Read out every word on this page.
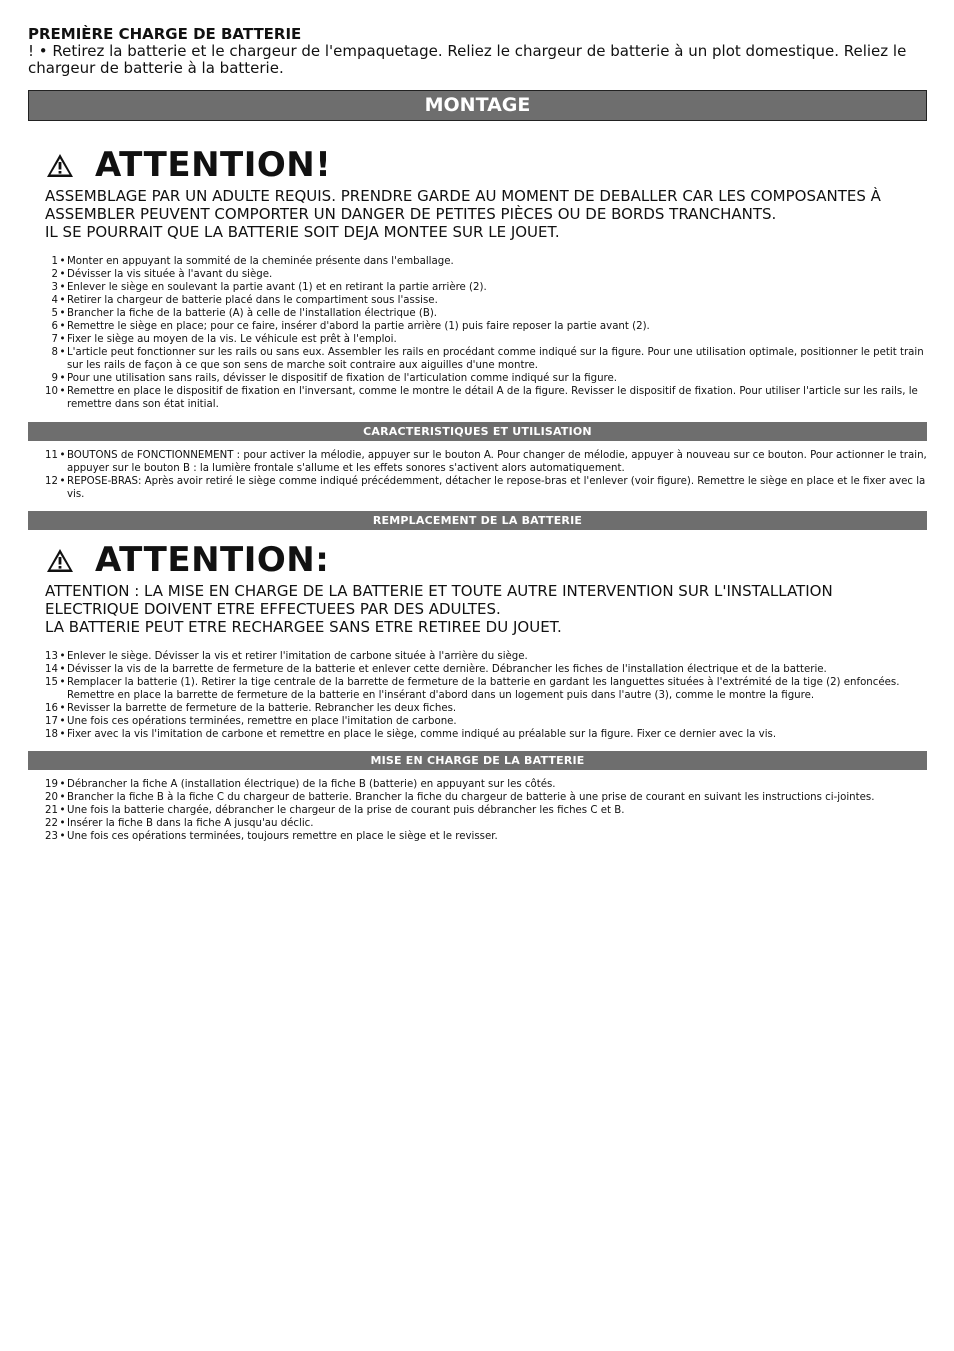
PREMIÈRE CHARGE DE BATTERIE

! • Retirez la batterie et le chargeur de l'empaquetage. Reliez le chargeur de batterie à un plot domestique. Reliez le chargeur de batterie à la batterie.

MONTAGE
ATTENTION!

ASSEMBLAGE PAR UN ADULTE REQUIS. PRENDRE GARDE AU MOMENT DE DEBALLER CAR LES COMPOSANTES À ASSEMBLER PEUVENT COMPORTER UN DANGER DE PETITES PIÈCES OU DE BORDS TRANCHANTS.

IL SE POURRAIT QUE LA BATTERIE SOIT DEJA MONTEE SUR LE JOUET.

1 • Monter en appuyant la sommité de la cheminée présente dans l'emballage.
2 • Dévisser la vis située à l'avant du siège.
3 • Enlever le siège en soulevant la partie avant (1) et en retirant la partie arrière (2).
4 • Retirer la chargeur de batterie placé dans le compartiment sous l'assise.
5 • Brancher la fiche de la batterie (A) à celle de l'installation électrique (B).
6 • Remettre le siège en place; pour ce faire, insérer d'abord la partie arrière (1) puis faire reposer la partie avant (2).
7 • Fixer le siège au moyen de la vis. Le véhicule est prêt à l'emploi.
8 • L'article peut fonctionner sur les rails ou sans eux. Assembler les rails en procédant comme indiqué sur la figure. Pour une utilisation optimale, positionner le petit train sur les rails de façon à ce que son sens de marche soit contraire aux aiguilles d'une montre.
9 • Pour une utilisation sans rails, dévisser le dispositif de fixation de l'articulation comme indiqué sur la figure.
10 • Remettre en place le dispositif de fixation en l'inversant, comme le montre le détail A de la figure. Revisser le dispositif de fixation. Pour utiliser l'article sur les rails, le remettre dans son état initial.
CARACTERISTIQUES ET UTILISATION
11 • BOUTONS de FONCTIONNEMENT : pour activer la mélodie, appuyer sur le bouton A. Pour changer de mélodie, appuyer à nouveau sur ce bouton. Pour actionner le train, appuyer sur le bouton B : la lumière frontale s'allume et les effets sonores s'activent alors automatiquement.
12 • REPOSE-BRAS: Après avoir retiré le siège comme indiqué précédemment, détacher le repose-bras et l'enlever (voir figure). Remettre le siège en place et le fixer avec la vis.
REMPLACEMENT DE LA BATTERIE
ATTENTION:

ATTENTION : LA MISE EN CHARGE DE LA BATTERIE ET TOUTE AUTRE INTERVENTION SUR L'INSTALLATION ELECTRIQUE DOIVENT ETRE EFFECTUEES PAR DES ADULTES.

LA BATTERIE PEUT ETRE RECHARGEE SANS ETRE RETIREE DU JOUET.

13 • Enlever le siège. Dévisser la vis et retirer l'imitation de carbone située à l'arrière du siège.
14 • Dévisser la vis de la barrette de fermeture de la batterie et enlever cette dernière. Débrancher les fiches de l'installation électrique et de la batterie.
15 • Remplacer la batterie (1). Retirer la tige centrale de la barrette de fermeture de la batterie en gardant les languettes situées à l'extrémité de la tige (2) enfoncées. Remettre en place la barrette de fermeture de la batterie en l'insérant d'abord dans un logement puis dans l'autre (3), comme le montre la figure.
16 • Revisser la barrette de fermeture de la batterie. Rebrancher les deux fiches.
17 • Une fois ces opérations terminées, remettre en place l'imitation de carbone.
18 • Fixer avec la vis l'imitation de carbone et remettre en place le siège, comme indiqué au préalable sur la figure. Fixer ce dernier avec la vis.
MISE EN CHARGE DE LA BATTERIE
19 • Débrancher la fiche A (installation électrique) de la fiche B (batterie) en appuyant sur les côtés.
20 • Brancher la fiche B à la fiche C du chargeur de batterie. Brancher la fiche du chargeur de batterie à une prise de courant en suivant les instructions ci-jointes.
21 • Une fois la batterie chargée, débrancher le chargeur de la prise de courant puis débrancher les fiches C et B.
22 • Insérer la fiche B dans la fiche A jusqu'au déclic.
23 • Une fois ces opérations terminées, toujours remettre en place le siège et le revisser.
